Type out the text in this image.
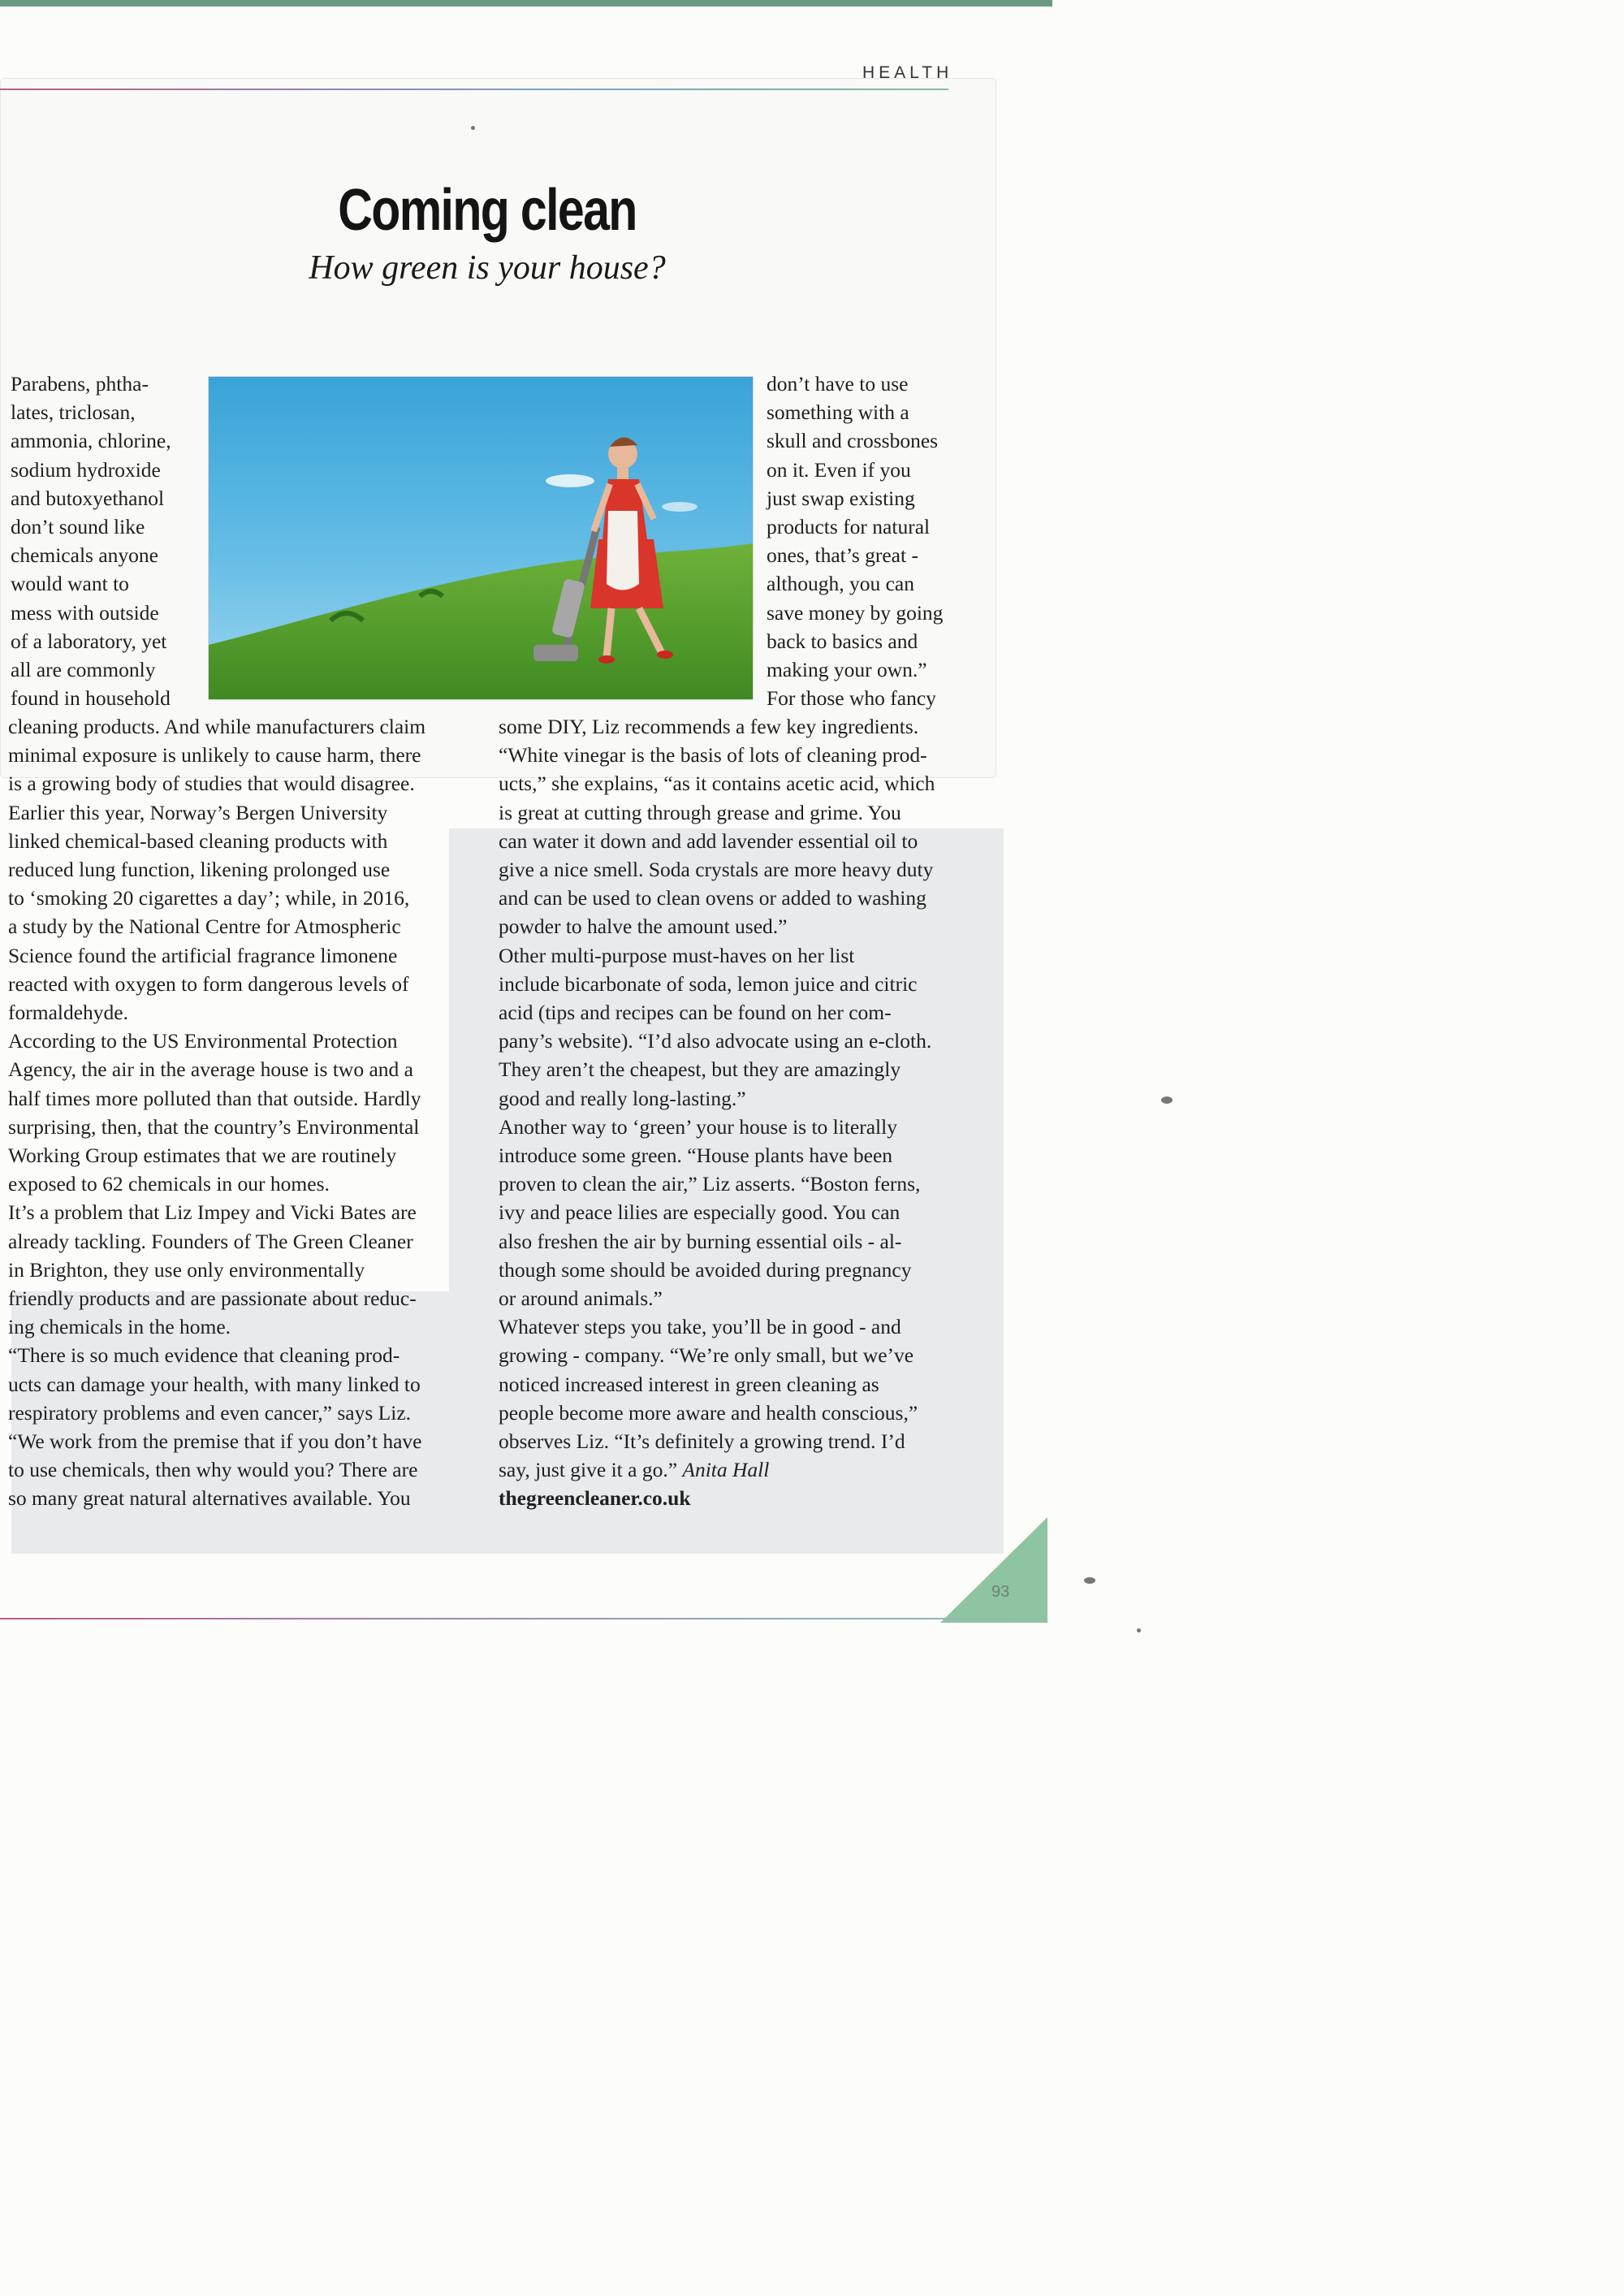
HEALTH
Coming clean
How green is your house?
Parabens, phtha-
lates, triclosan,
ammonia, chlorine,
sodium hydroxide
and butoxyethanol
don’t sound like
chemicals anyone
would want to
mess with outside
of a laboratory, yet
all are commonly
found in household
cleaning products. And while manufacturers claim
minimal exposure is unlikely to cause harm, there
is a growing body of studies that would disagree.
Earlier this year, Norway’s Bergen University
linked chemical-based cleaning products with
reduced lung function, likening prolonged use
to ‘smoking 20 cigarettes a day’; while, in 2016,
a study by the National Centre for Atmospheric
Science found the artificial fragrance limonene
reacted with oxygen to form dangerous levels of
formaldehyde.
According to the US Environmental Protection
Agency, the air in the average house is two and a
half times more polluted than that outside. Hardly
surprising, then, that the country’s Environmental
Working Group estimates that we are routinely
exposed to 62 chemicals in our homes.
It’s a problem that Liz Impey and Vicki Bates are
already tackling. Founders of The Green Cleaner
in Brighton, they use only environmentally
friendly products and are passionate about reduc-
ing chemicals in the home.
“There is so much evidence that cleaning prod-
ucts can damage your health, with many linked to
respiratory problems and even cancer,” says Liz.
“We work from the premise that if you don’t have
to use chemicals, then why would you? There are
so many great natural alternatives available. You
don’t have to use
something with a
skull and crossbones
on it. Even if you
just swap existing
products for natural
ones, that’s great -
although, you can
save money by going
back to basics and
making your own.”
For those who fancy
some DIY, Liz recommends a few key ingredients.
“White vinegar is the basis of lots of cleaning prod-
ucts,” she explains, “as it contains acetic acid, which
is great at cutting through grease and grime. You
can water it down and add lavender essential oil to
give a nice smell. Soda crystals are more heavy duty
and can be used to clean ovens or added to washing
powder to halve the amount used.”
Other multi-purpose must-haves on her list
include bicarbonate of soda, lemon juice and citric
acid (tips and recipes can be found on her com-
pany’s website). “I’d also advocate using an e-cloth.
They aren’t the cheapest, but they are amazingly
good and really long-lasting.”
Another way to ‘green’ your house is to literally
introduce some green. “House plants have been
proven to clean the air,” Liz asserts. “Boston ferns,
ivy and peace lilies are especially good. You can
also freshen the air by burning essential oils - al-
though some should be avoided during pregnancy
or around animals.”
Whatever steps you take, you’ll be in good - and
growing - company. “We’re only small, but we’ve
noticed increased interest in green cleaning as
people become more aware and health conscious,”
observes Liz. “It’s definitely a growing trend. I’d
say, just give it a go.” Anita Hall
thegreencleaner.co.uk
93
